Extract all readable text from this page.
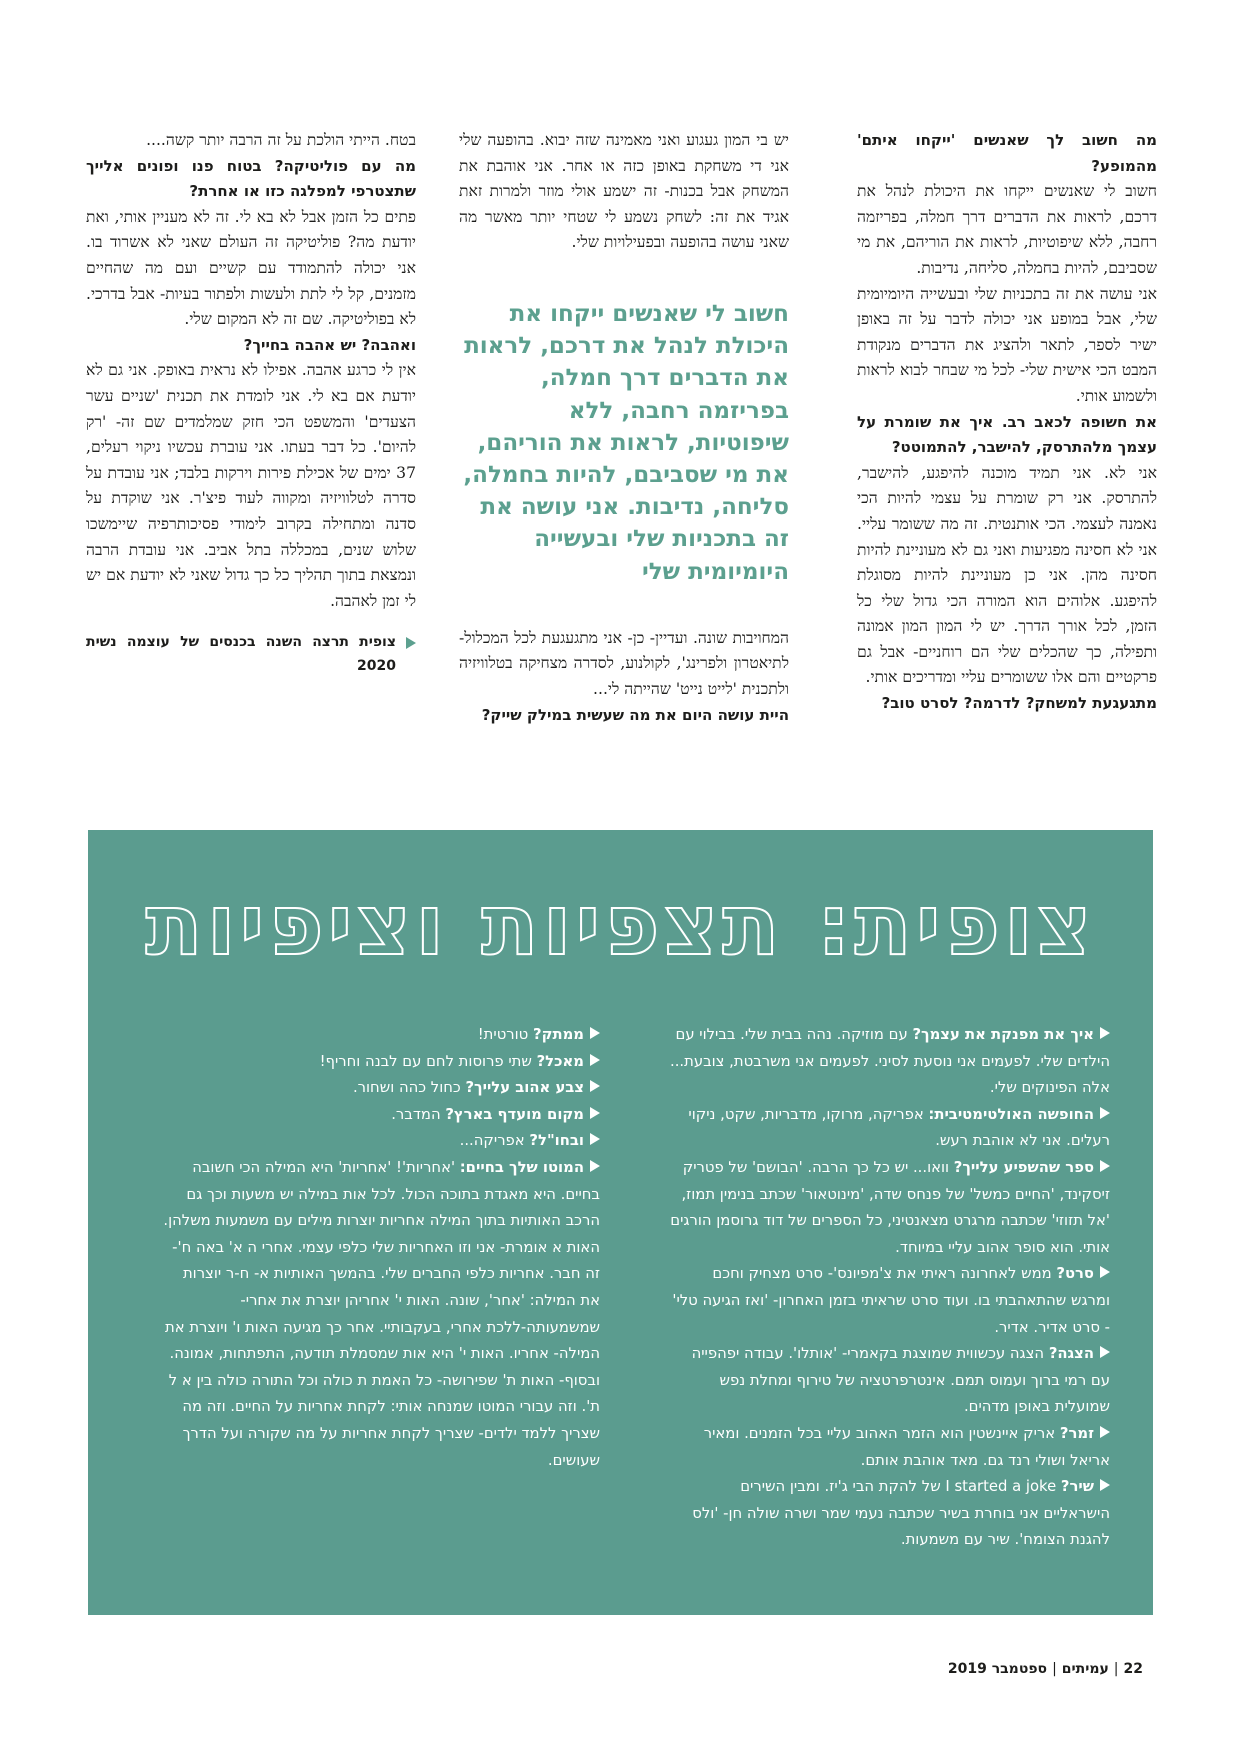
מה חשוב לך שאנשים 'ייקחו איתם' מהמופע?

חשוב לי שאנשים ייקחו את היכולת לנהל את דרכם, לראות את הדברים דרך חמלה, בפריזמה רחבה, ללא שיפוטיות, לראות את הוריהם, את מי שסביבם, להיות בחמלה, סליחה, נדיבות.

אני עושה את זה בתכניות שלי ובעשייה היומיומית שלי, אבל במופע אני יכולה לדבר על זה באופן ישיר לספר, לתאר ולהציג את הדברים מנקודת המבט הכי אישית שלי- לכל מי שבחר לבוא לראות ולשמוע אותי.

את חשופה לכאב רב. איך את שומרת על עצמך מלהתרסק, להישבר, להתמוטט?

אני לא. אני תמיד מוכנה להיפגע, להישבר, להתרסק. אני רק שומרת על עצמי להיות הכי נאמנה לעצמי. הכי אותנטית. זה מה ששומר עליי. אני לא חסינה מפגיעות ואני גם לא מעוניינת להיות חסינה מהן. אני כן מעוניינת להיות מסוגלת להיפגע. אלוהים הוא המורה הכי גדול שלי כל הזמן, לכל אורך הדרך. יש לי המון המון אמונה ותפילה, כך שהכלים שלי הם רוחניים- אבל גם פרקטיים והם אלו ששומרים עליי ומדריכים אותי.

מתגעגעת למשחק? לדרמה? לסרט טוב?

יש בי המון געגוע ואני מאמינה שזה יבוא. בהופעה שלי אני די משחקת באופן כזה או אחר. אני אוהבת את המשחק אבל בכנות- זה ישמע אולי מוזר ולמרות זאת אגיד את זה: לשחק נשמע לי שטחי יותר מאשר מה שאני עושה בהופעה ובפעילויות שלי.

חשוב לי שאנשים ייקחו את היכולת לנהל את דרכם, לראות את הדברים דרך חמלה, בפריזמה רחבה, ללא שיפוטיות, לראות את הוריהם, את מי שסביבם, להיות בחמלה, סליחה, נדיבות. אני עושה את זה בתכניות שלי ובעשייה היומיומית שלי

המחויבות שונה. ועדיין- כן- אני מתגעגעת לכל המכלול- לתיאטרון ולפרינג', לקולנוע, לסדרה מצחיקה בטלוויזיה ולתכנית 'לייט נייט' שהייתה לי...

היית עושה היום את מה שעשית במילק שייק?

בטח. הייתי הולכת על זה הרבה יותר קשה....

מה עם פוליטיקה? בטוח פנו ופונים אלייך שתצטרפי למפלגה כזו או אחרת?

פתים כל הזמן אבל לא בא לי. זה לא מעניין אותי, ואת יודעת מה? פוליטיקה זה העולם שאני לא אשרוד בו. אני יכולה להתמודד עם קשיים ועם מה שהחיים מזמנים, קל לי לתת ולעשות ולפתור בעיות- אבל בדרכי. לא בפוליטיקה. שם זה לא המקום שלי.

ואהבה? יש אהבה בחייך?

אין לי כרגע אהבה. אפילו לא נראית באופק. אני גם לא יודעת אם בא לי. אני לומדת את תכנית 'שניים עשר הצעדים' והמשפט הכי חזק שמלמדים שם זה- 'רק להיום'. כל דבר בעתו. אני עוברת עכשיו ניקוי רעלים, 37 ימים של אכילת פירות וירקות בלבד; אני עובדת על סדרה לטלוויזיה ומקווה לעוד פיצ'ר. אני שוקדת על סדנה ומתחילה בקרוב לימודי פסיכותרפיה שיימשכו שלוש שנים, במכללה בתל אביב. אני עובדת הרבה ונמצאת בתוך תהליך כל כך גדול שאני לא יודעת אם יש לי זמן לאהבה.

צופית תרצה השנה בכנסים של עוצמה נשית 2020
צופית: תצפיות וציפיות

איך את מפנקת את עצמך? עם מוזיקה. נהה בבית שלי. בבילוי עם הילדים שלי. לפעמים אני נוסעת לסיני. לפעמים אני משרבטת, צובעת... אלה הפינוקים שלי.

החופשה האולטימטיבית: אפריקה, מרוקו, מדבריות, שקט, ניקוי רעלים. אני לא אוהבת רעש.

ספר שהשפיע עלייך? וואו... יש כל כך הרבה. 'הבושם' של פטריק זיסקינד, 'החיים כמשל' של פנחס שדה, 'מינוטאור' שכתב בנימין תמוז, 'אל תזוזי' שכתבה מרגרט מצאנטיני, כל הספרים של דוד גרוסמן הורגים אותי. הוא סופר אהוב עליי במיוחד.

סרט? ממש לאחרונה ראיתי את צ'מפיונס'- סרט מצחיק וחכם ומרגש שהתאהבתי בו. ועוד סרט שראיתי בזמן האחרון- 'ואז הגיעה טלי' - סרט אדיר. אדיר.

הצגה? הצגה עכשווית שמוצגת בקאמרי- 'אותלו'. עבודה יפהפייה עם רמי ברוך ועמוס תמם. אינטרפרטציה של טירוף ומחלת נפש שמועלית באופן מדהים.

זמר? אריק איינשטין הוא הזמר האהוב עליי בכל הזמנים. ומאיר אריאל ושולי רנד גם. מאד אוהבת אותם.

שיר? I started a joke של להקת הבי ג'יז. ומבין השירים הישראליים אני בוחרת בשיר שכתבה נעמי שמר ושרה שולה חן- 'ולס להגנת הצומח'. שיר עם משמעות.

ממתק? טורטית!

מאכל? שתי פרוסות לחם עם לבנה וחריף!

צבע אהוב עלייך? כחול כהה ושחור.

מקום מועדף בארץ? המדבר.

ובחו"ל? אפריקה...

המוטו שלך בחיים: 'אחריות'! 'אחריות' היא המילה הכי חשובה בחיים. היא מאגדת בתוכה הכול. לכל אות במילה יש משעות וכך גם הרכב האותיות בתוך המילה אחריות יוצרות מילים עם משמעות משלהן. האות א אומרת- אני וזו האחריות שלי כלפי עצמי. אחרי ה א' באה ח'- זה חבר. אחריות כלפי החברים שלי. בהמשך האותיות א- ח-ר יוצרות את המילה: 'אחר', שונה. האות י' אחריהן יוצרת את אחרי- שמשמעותה-ללכת אחרי, בעקבותיי. אחר כך מגיעה האות ו' ויוצרת את המילה- אחריו. האות י' היא אות שמסמלת תודעה, התפתחות, אמונה. ובסוף- האות ת' שפירושה- כל האמת ת כולה וכל התורה כולה בין א ל ת'. וזה עבורי המוטו שמנחה אותי: לקחת אחריות על החיים. וזה מה שצריך ללמד ילדים- שצריך לקחת אחריות על מה שקורה ועל הדרך שעושים.

22|עמיתים|ספטמבר 2019
